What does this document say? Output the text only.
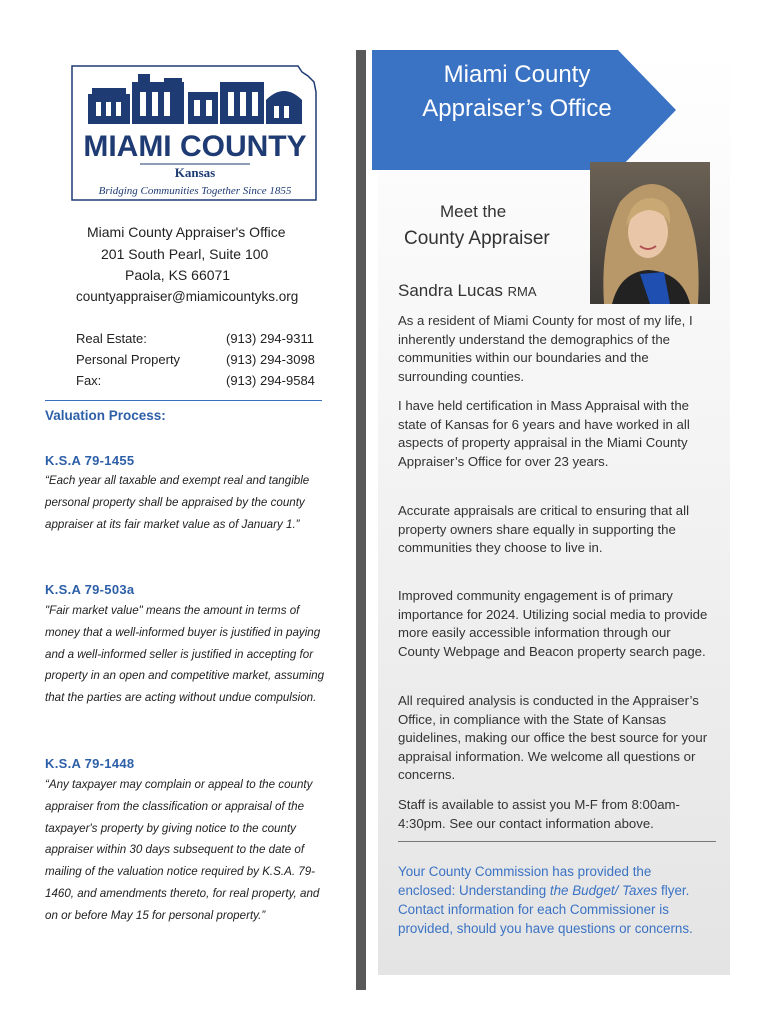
MIAMI COUNTY
Kansas
Bridging Communities Together Since 1855
Miami County Appraiser's Office
201 South Pearl, Suite 100
Paola, KS 66071
countyappraiser@miamicountyks.org
Real Estate:	(913) 294-9311
Personal Property	(913) 294-3098
Fax:	(913) 294-9584
Valuation Process:
K.S.A 79-1455
“Each year all taxable and exempt real and tangible personal property shall be appraised by the county appraiser at its fair market value as of January 1.”
K.S.A 79-503a
"Fair market value" means the amount in terms of money that a well-informed buyer is justified in paying and a well-informed seller is justified in accepting for property in an open and competitive market, assuming that the parties are acting without undue compulsion.
K.S.A 79-1448
“Any taxpayer may complain or appeal to the county appraiser from the classification or appraisal of the taxpayer's property by giving notice to the county appraiser within 30 days subsequent to the date of mailing of the valuation notice required by K.S.A. 79-1460, and amendments thereto, for real property, and on or before May 15 for personal property.”
Miami County Appraiser’s Office
Meet the
County Appraiser
Sandra Lucas RMA
As a resident of Miami County for most of my life, I inherently understand the demographics of the communities within our boundaries and the surrounding counties.
I have held certification in Mass Appraisal with the state of Kansas for 6 years and have worked in all aspects of property appraisal in the Miami County Appraiser’s Office for over 23 years.
Accurate appraisals are critical to ensuring that all property owners share equally in supporting the communities they choose to live in.
Improved community engagement is of primary importance for 2024. Utilizing social media to provide more easily accessible information through our County Webpage and Beacon property search page.
All required analysis is conducted in the Appraiser’s Office, in compliance with the State of Kansas guidelines, making our office the best source for your appraisal information. We welcome all questions or concerns.
Staff is available to assist you M-F from 8:00am-4:30pm. See our contact information above.
Your County Commission has provided the enclosed: Understanding the Budget/ Taxes flyer. Contact information for each Commissioner is provided, should you have questions or concerns.
